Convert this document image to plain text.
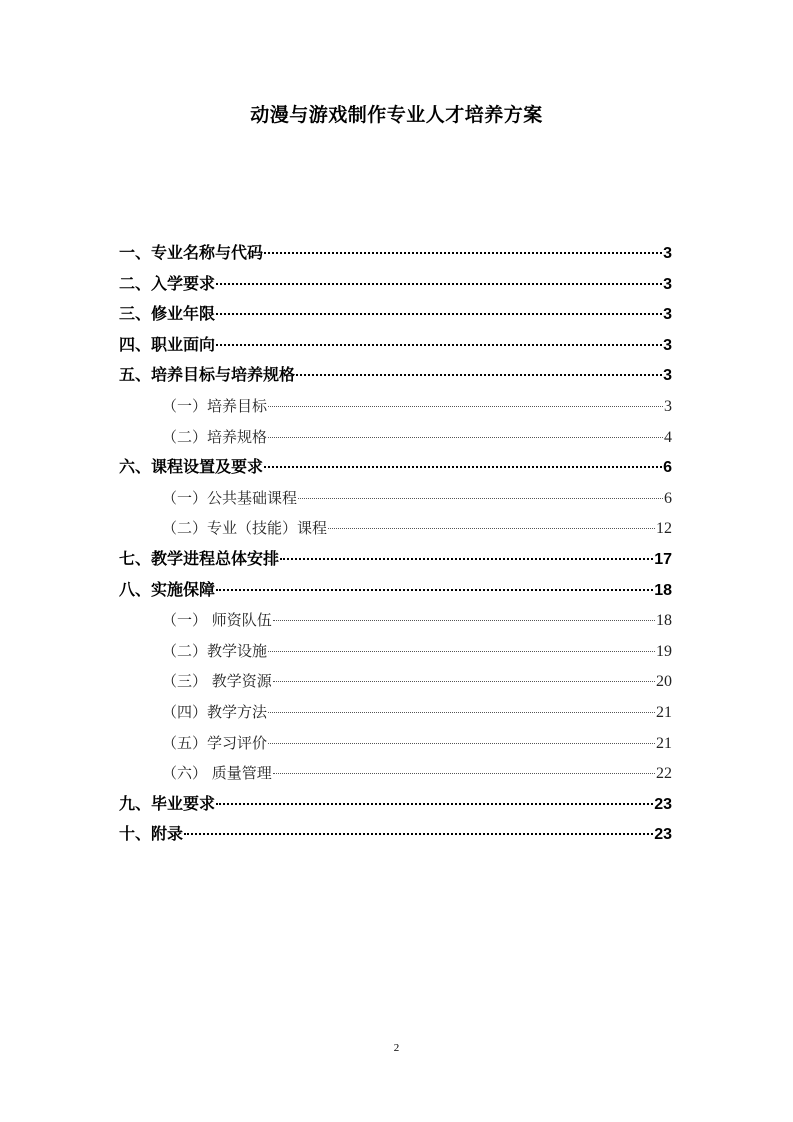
动漫与游戏制作专业人才培养方案
一、专业名称与代码	3
二、入学要求	3
三、修业年限	3
四、职业面向	3
五、培养目标与培养规格	3
（一）培养目标	3
（二）培养规格	4
六、课程设置及要求	6
（一）公共基础课程	6
（二）专业（技能）课程	12
七、教学进程总体安排	17
八、实施保障	18
（一） 师资队伍	18
（二）教学设施	19
（三） 教学资源	20
（四）教学方法	21
（五）学习评价	21
（六） 质量管理	22
九、毕业要求	23
十、附录	23
2
